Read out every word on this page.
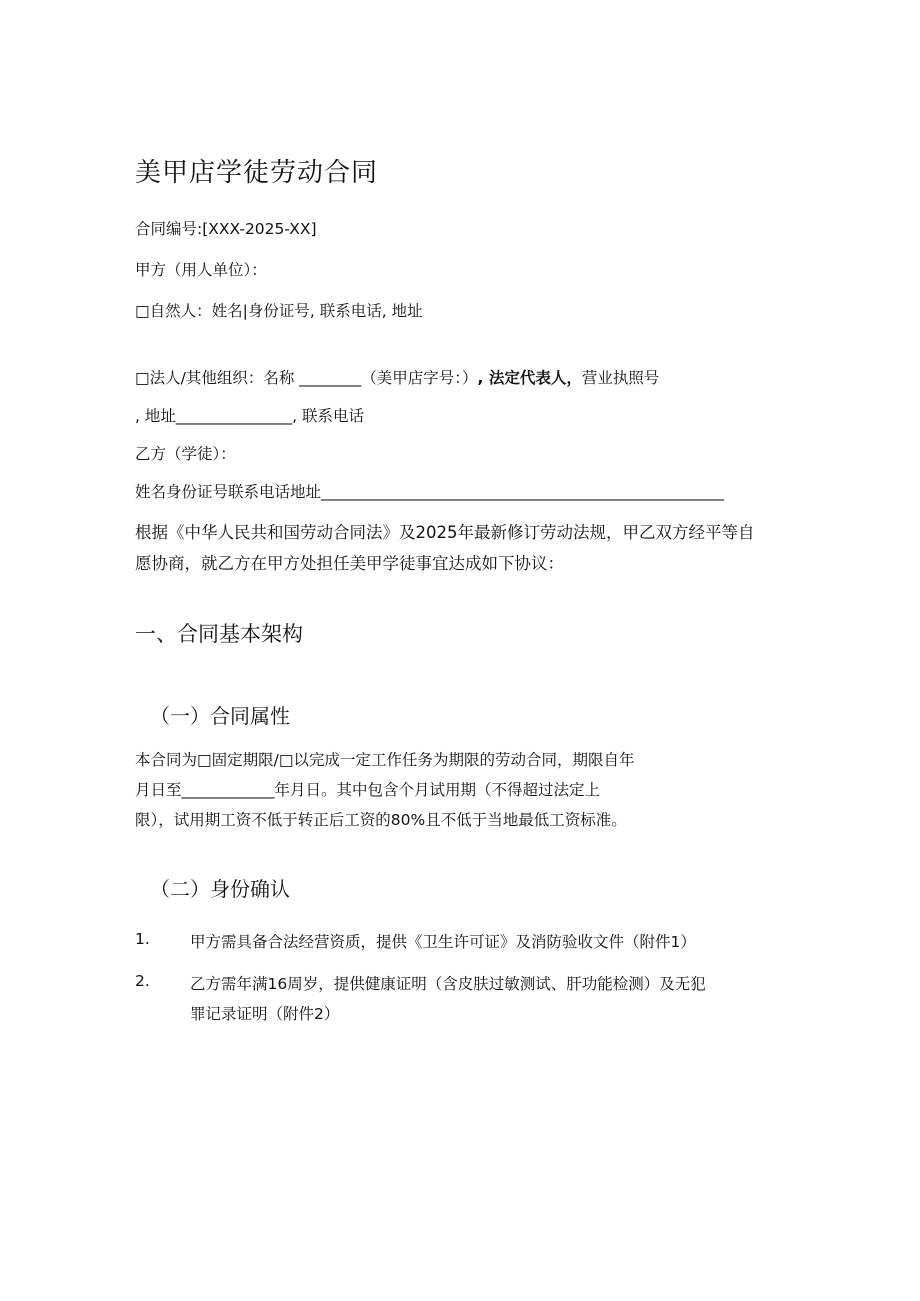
美甲店学徒劳动合同
合同编号:[XXX-2025-XX]
甲方（用人单位）：
□自然人：姓名|身份证号, 联系电话, 地址
□法人/其他组织：名称 ________（美甲店字号：）, 法定代表人，营业执照号
, 地址_______________, 联系电话
乙方（学徒）：
姓名身份证号联系电话地址____________________________________________________
根据《中华人民共和国劳动合同法》及2025年最新修订劳动法规，甲乙双方经平等自
愿协商，就乙方在甲方处担任美甲学徒事宜达成如下协议：
一、合同基本架构
（一）合同属性
本合同为□固定期限/□以完成一定工作任务为期限的劳动合同，期限自年
月日至____________年月日。其中包含个月试用期（不得超过法定上
限），试用期工资不低于转正后工资的80%且不低于当地最低工资标准。
（二）身份确认
1.	甲方需具备合法经营资质，提供《卫生许可证》及消防验收文件（附件1）
2.	乙方需年满16周岁，提供健康证明（含皮肤过敏测试、肝功能检测）及无犯
罪记录证明（附件2）
